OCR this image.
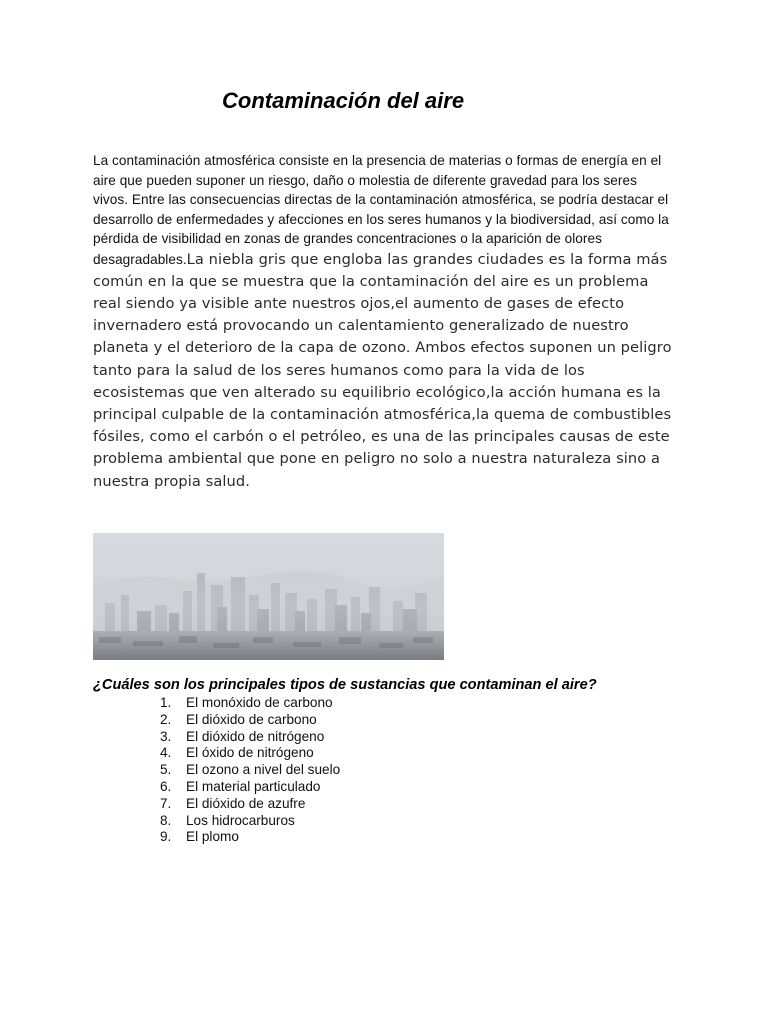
Contaminación del aire

La contaminación atmosférica consiste en la presencia de materias o formas de energía en el aire que pueden suponer un riesgo, daño o molestia de diferente gravedad para los seres vivos. Entre las consecuencias directas de la contaminación atmosférica, se podría destacar el desarrollo de enfermedades y afecciones en los seres humanos y la biodiversidad, así como la pérdida de visibilidad en zonas de grandes concentraciones o la aparición de olores desagradables.La niebla gris que engloba las grandes ciudades es la forma más común en la que se muestra que la contaminación del aire es un problema real siendo ya visible ante nuestros ojos,el aumento de gases de efecto invernadero está provocando un calentamiento generalizado de nuestro planeta y el deterioro de la capa de ozono. Ambos efectos suponen un peligro tanto para la salud de los seres humanos como para la vida de los ecosistemas que ven alterado su equilibrio ecológico,la acción humana es la principal culpable de la contaminación atmosférica,la quema de combustibles fósiles, como el carbón o el petróleo, es una de las principales causas de este problema ambiental que pone en peligro no solo a nuestra naturaleza sino a nuestra propia salud.

¿Cuáles son los principales tipos de sustancias que contaminan el aire?

1.	El monóxido de carbono
2.	El dióxido de carbono
3.	El dióxido de nitrógeno
4.	El óxido de nitrógeno
5.	El ozono a nivel del suelo
6.	El material particulado
7.	El dióxido de azufre
8.	Los hidrocarburos
9.	El plomo
